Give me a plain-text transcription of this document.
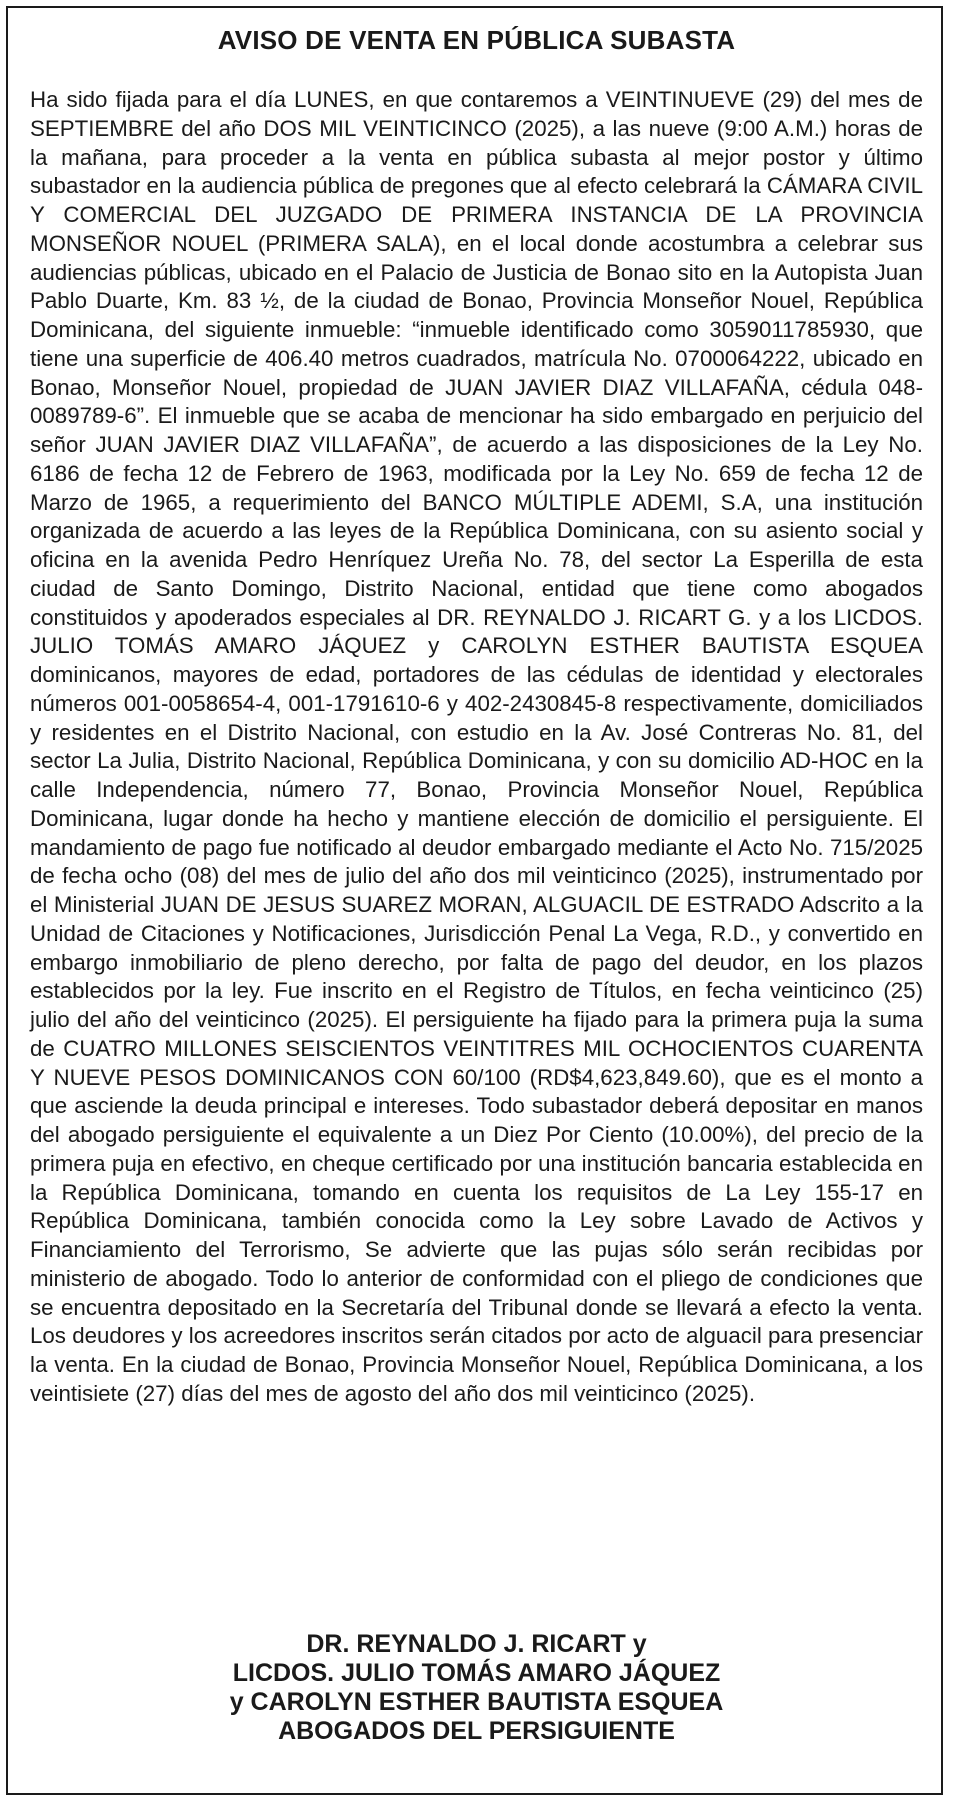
AVISO DE VENTA EN PÚBLICA SUBASTA

Ha sido fijada para el día LUNES, en que contaremos a VEINTINUEVE (29) del mes de SEPTIEMBRE del año DOS MIL VEINTICINCO (2025), a las nueve (9:00 A.M.) horas de la mañana, para proceder a la venta en pública subasta al mejor postor y último subastador en la audiencia pública de pregones que al efecto celebrará la CÁMARA CIVIL Y COMERCIAL DEL JUZGADO DE PRIMERA INSTANCIA DE LA PROVINCIA MONSEÑOR NOUEL (PRIMERA SALA), en el local donde acostumbra a celebrar sus audiencias públicas, ubicado en el Palacio de Justicia de Bonao sito en la Autopista Juan Pablo Duarte, Km. 83 ½, de la ciudad de Bonao, Provincia Monseñor Nouel, República Dominicana, del siguiente inmueble: “inmueble identificado como 3059011785930, que tiene una superficie de 406.40 metros cuadrados, matrícula No. 0700064222, ubicado en Bonao, Monseñor Nouel, propiedad de JUAN JAVIER DIAZ VILLAFAÑA, cédula 048-0089789-6”. El inmueble que se acaba de mencionar ha sido embargado en perjuicio del señor JUAN JAVIER DIAZ VILLAFAÑA”, de acuerdo a las disposiciones de la Ley No. 6186 de fecha 12 de Febrero de 1963, modificada por la Ley No. 659 de fecha 12 de Marzo de 1965, a requerimiento del BANCO MÚLTIPLE ADEMI, S.A, una institución organizada de acuerdo a las leyes de la República Dominicana, con su asiento social y oficina en la avenida Pedro Henríquez Ureña No. 78, del sector La Esperilla de esta ciudad de Santo Domingo, Distrito Nacional, entidad que tiene como abogados constituidos y apoderados especiales al DR. REYNALDO J. RICART G. y a los LICDOS. JULIO TOMÁS AMARO JÁQUEZ y CAROLYN ESTHER BAUTISTA ESQUEA dominicanos, mayores de edad, portadores de las cédulas de identidad y electorales números 001-0058654-4, 001-1791610-6 y 402-2430845-8 respectivamente, domiciliados y residentes en el Distrito Nacional, con estudio en la Av. José Contreras No. 81, del sector La Julia, Distrito Nacional, República Dominicana, y con su domicilio AD-HOC en la calle Independencia, número 77, Bonao, Provincia Monseñor Nouel, República Dominicana, lugar donde ha hecho y mantiene elección de domicilio el persiguiente. El mandamiento de pago fue notificado al deudor embargado mediante el Acto No. 715/2025 de fecha ocho (08) del mes de julio del año dos mil veinticinco (2025), instrumentado por el Ministerial JUAN DE JESUS SUAREZ MORAN, ALGUACIL DE ESTRADO Adscrito a la Unidad de Citaciones y Notificaciones, Jurisdicción Penal La Vega, R.D., y convertido en embargo inmobiliario de pleno derecho, por falta de pago del deudor, en los plazos establecidos por la ley. Fue inscrito en el Registro de Títulos, en fecha veinticinco (25) julio del año del veinticinco (2025). El persiguiente ha fijado para la primera puja la suma de CUATRO MILLONES SEISCIENTOS VEINTITRES MIL OCHOCIENTOS CUARENTA Y NUEVE PESOS DOMINICANOS CON 60/100 (RD$4,623,849.60), que es el monto a que asciende la deuda principal e intereses. Todo subastador deberá depositar en manos del abogado persiguiente el equivalente a un Diez Por Ciento (10.00%), del precio de la primera puja en efectivo, en cheque certificado por una institución bancaria establecida en la República Dominicana, tomando en cuenta los requisitos de La Ley 155-17 en República Dominicana, también conocida como la Ley sobre Lavado de Activos y Financiamiento del Terrorismo, Se advierte que las pujas sólo serán recibidas por ministerio de abogado. Todo lo anterior de conformidad con el pliego de condiciones que se encuentra depositado en la Secretaría del Tribunal donde se llevará a efecto la venta. Los deudores y los acreedores inscritos serán citados por acto de alguacil para presenciar la venta. En la ciudad de Bonao, Provincia Monseñor Nouel, República Dominicana, a los veintisiete (27) días del mes de agosto del año dos mil veinticinco (2025).

DR. REYNALDO J. RICART y
LICDOS. JULIO TOMÁS AMARO JÁQUEZ
y CAROLYN ESTHER BAUTISTA ESQUEA
ABOGADOS DEL PERSIGUIENTE
